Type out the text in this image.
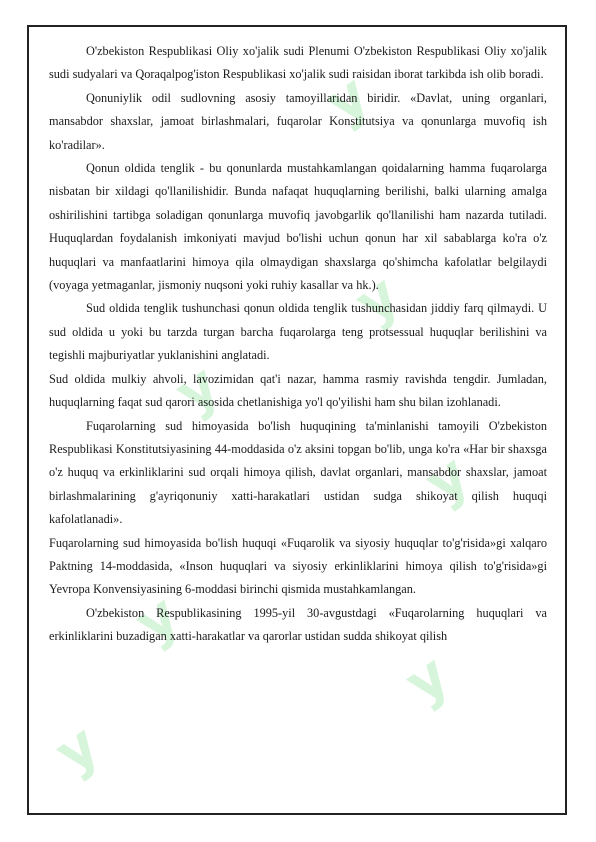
y
y
y
y
y
y
y

O'zbekiston Respublikasi Oliy xo'jalik sudi Plenumi O'zbekiston Respublikasi Oliy xo'jalik sudi sudyalari va Qoraqalpog'iston Respublikasi xo'jalik sudi raisidan iborat tarkibda ish olib boradi.

Qonuniylik odil sudlovning asosiy tamoyillaridan biridir. «Davlat, uning organlari, mansabdor shaxslar, jamoat birlashmalari, fuqarolar Konstitutsiya va qonunlarga muvofiq ish ko'radilar».

Qonun oldida tenglik - bu qonunlarda mustahkamlangan qoidalarning hamma fuqarolarga nisbatan bir xildagi qo'llanilishidir. Bunda nafaqat huquqlarning berilishi, balki ularning amalga oshirilishini tartibga soladigan qonunlarga muvofiq javobgarlik qo'llanilishi ham nazarda tutiladi. Huquqlardan foydalanish imkoniyati mavjud bo'lishi uchun qonun har xil sabablarga ko'ra o'z huquqlari va manfaatlarini himoya qila olmaydigan shaxslarga qo'shimcha kafolatlar belgilaydi (voyaga yetmaganlar, jismoniy nuqsoni yoki ruhiy kasallar va hk.).

Sud oldida tenglik tushunchasi qonun oldida tenglik tushunchasidan jiddiy farq qilmaydi. U sud oldida u yoki bu tarzda turgan barcha fuqarolarga teng protsessual huquqlar berilishini va tegishli majburiyatlar yuklanishini anglatadi.

Sud oldida mulkiy ahvoli, lavozimidan qat'i nazar, hamma rasmiy ravishda tengdir. Jumladan, huquqlarning faqat sud qarori asosida chetlanishiga yo'l qo'yilishi ham shu bilan izohlanadi.

Fuqarolarning sud himoyasida bo'lish huquqining ta'minlanishi tamoyili O'zbekiston Respublikasi Konstitutsiyasining 44-moddasida o'z aksini topgan bo'lib, unga ko'ra «Har bir shaxsga o'z huquq va erkinliklarini sud orqali himoya qilish, davlat organlari, mansabdor shaxslar, jamoat birlashmalarining g'ayriqonuniy xatti-harakatlari ustidan sudga shikoyat qilish huquqi kafolatlanadi».

Fuqarolarning sud himoyasida bo'lish huquqi «Fuqarolik va siyosiy huquqlar to'g'risida»gi xalqaro Paktning 14-moddasida, «Inson huquqlari va siyosiy erkinliklarini himoya qilish to'g'risida»gi Yevropa Konvensiyasining 6-moddasi birinchi qismida mustahkamlangan.

O'zbekiston Respublikasining 1995-yil 30-avgustdagi «Fuqarolarning huquqlari va erkinliklarini buzadigan xatti-harakatlar va qarorlar ustidan sudda shikoyat qilish
